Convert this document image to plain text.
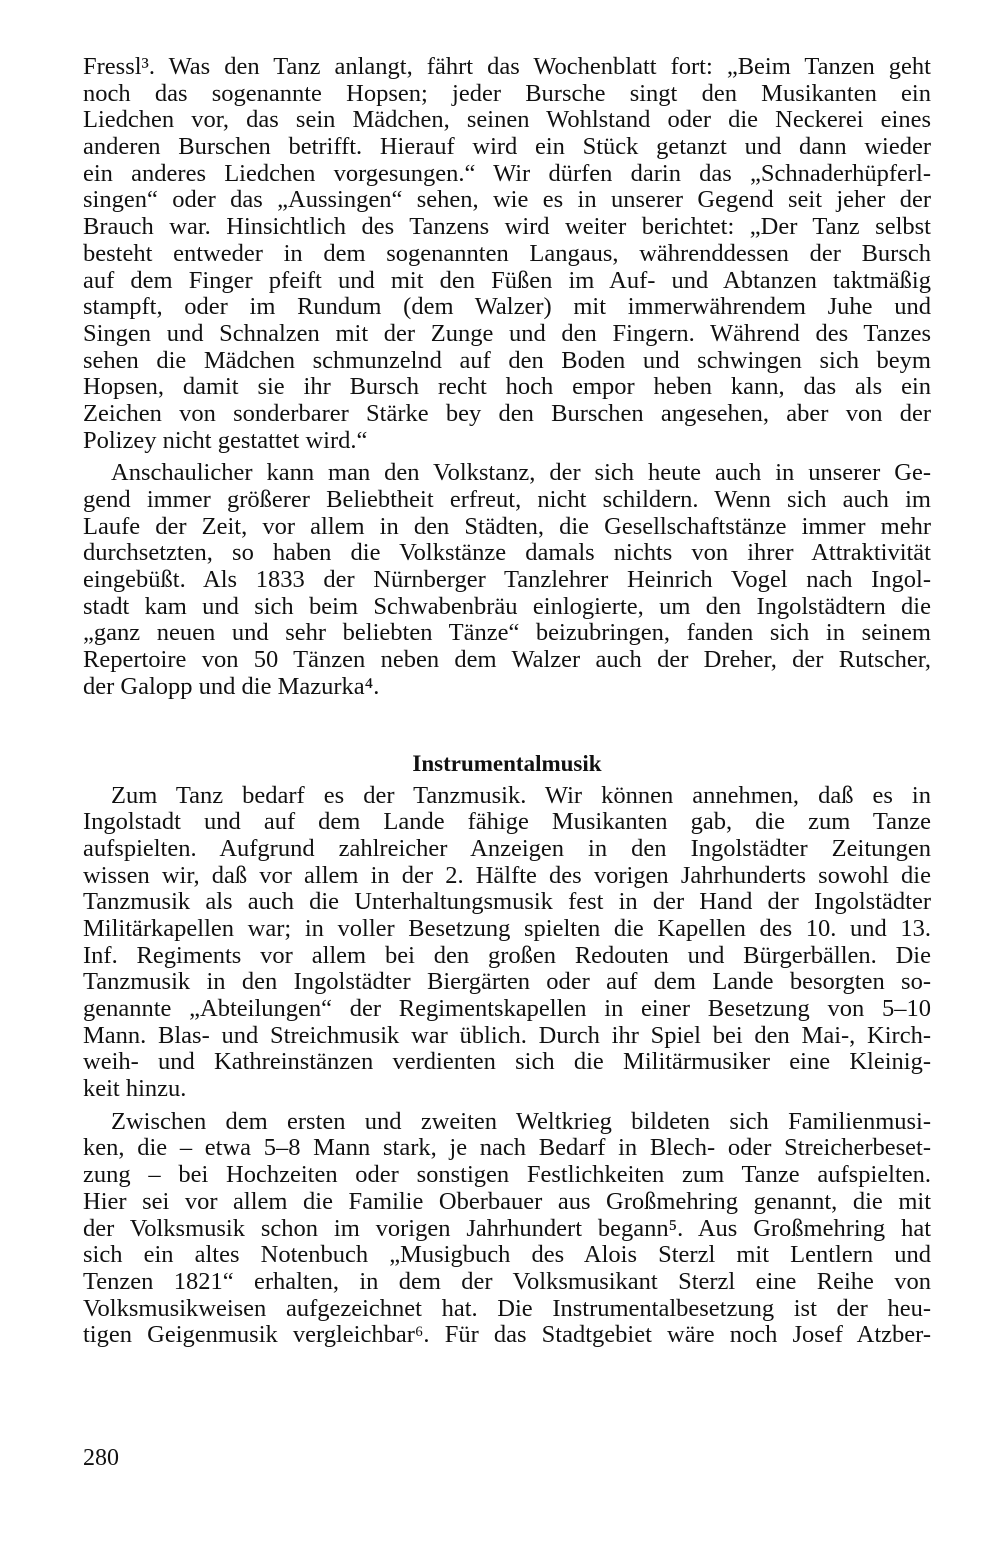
Fressl³. Was den Tanz anlangt, fährt das Wochenblatt fort: „Beim Tanzen geht
noch das sogenannte Hopsen; jeder Bursche singt den Musikanten ein
Liedchen vor, das sein Mädchen, seinen Wohlstand oder die Neckerei eines
anderen Burschen betrifft. Hierauf wird ein Stück getanzt und dann wieder
ein anderes Liedchen vorgesungen.“ Wir dürfen darin das „Schnaderhüpferl-
singen“ oder das „Aussingen“ sehen, wie es in unserer Gegend seit jeher der
Brauch war. Hinsichtlich des Tanzens wird weiter berichtet: „Der Tanz selbst
besteht entweder in dem sogenannten Langaus, währenddessen der Bursch
auf dem Finger pfeift und mit den Füßen im Auf- und Abtanzen taktmäßig
stampft, oder im Rundum (dem Walzer) mit immerwährendem Juhe und
Singen und Schnalzen mit der Zunge und den Fingern. Während des Tanzes
sehen die Mädchen schmunzelnd auf den Boden und schwingen sich beym
Hopsen, damit sie ihr Bursch recht hoch empor heben kann, das als ein
Zeichen von sonderbarer Stärke bey den Burschen angesehen, aber von der
Polizey nicht gestattet wird.“
Anschaulicher kann man den Volkstanz, der sich heute auch in unserer Ge-
gend immer größerer Beliebtheit erfreut, nicht schildern. Wenn sich auch im
Laufe der Zeit, vor allem in den Städten, die Gesellschaftstänze immer mehr
durchsetzten, so haben die Volkstänze damals nichts von ihrer Attraktivität
eingebüßt. Als 1833 der Nürnberger Tanzlehrer Heinrich Vogel nach Ingol-
stadt kam und sich beim Schwabenbräu einlogierte, um den Ingolstädtern die
„ganz neuen und sehr beliebten Tänze“ beizubringen, fanden sich in seinem
Repertoire von 50 Tänzen neben dem Walzer auch der Dreher, der Rutscher,
der Galopp und die Mazurka⁴.
Instrumentalmusik
Zum Tanz bedarf es der Tanzmusik. Wir können annehmen, daß es in
Ingolstadt und auf dem Lande fähige Musikanten gab, die zum Tanze
aufspielten. Aufgrund zahlreicher Anzeigen in den Ingolstädter Zeitungen
wissen wir, daß vor allem in der 2. Hälfte des vorigen Jahrhunderts sowohl die
Tanzmusik als auch die Unterhaltungsmusik fest in der Hand der Ingolstädter
Militärkapellen war; in voller Besetzung spielten die Kapellen des 10. und 13.
Inf. Regiments vor allem bei den großen Redouten und Bürgerbällen. Die
Tanzmusik in den Ingolstädter Biergärten oder auf dem Lande besorgten so-
genannte „Abteilungen“ der Regimentskapellen in einer Besetzung von 5–10
Mann. Blas- und Streichmusik war üblich. Durch ihr Spiel bei den Mai-, Kirch-
weih- und Kathreinstänzen verdienten sich die Militärmusiker eine Kleinig-
keit hinzu.
Zwischen dem ersten und zweiten Weltkrieg bildeten sich Familienmusi-
ken, die – etwa 5–8 Mann stark, je nach Bedarf in Blech- oder Streicherbeset-
zung – bei Hochzeiten oder sonstigen Festlichkeiten zum Tanze aufspielten.
Hier sei vor allem die Familie Oberbauer aus Großmehring genannt, die mit
der Volksmusik schon im vorigen Jahrhundert begann⁵. Aus Großmehring hat
sich ein altes Notenbuch „Musigbuch des Alois Sterzl mit Lentlern und
Tenzen 1821“ erhalten, in dem der Volksmusikant Sterzl eine Reihe von
Volksmusikweisen aufgezeichnet hat. Die Instrumentalbesetzung ist der heu-
tigen Geigenmusik vergleichbar⁶. Für das Stadtgebiet wäre noch Josef Atzber-
280
